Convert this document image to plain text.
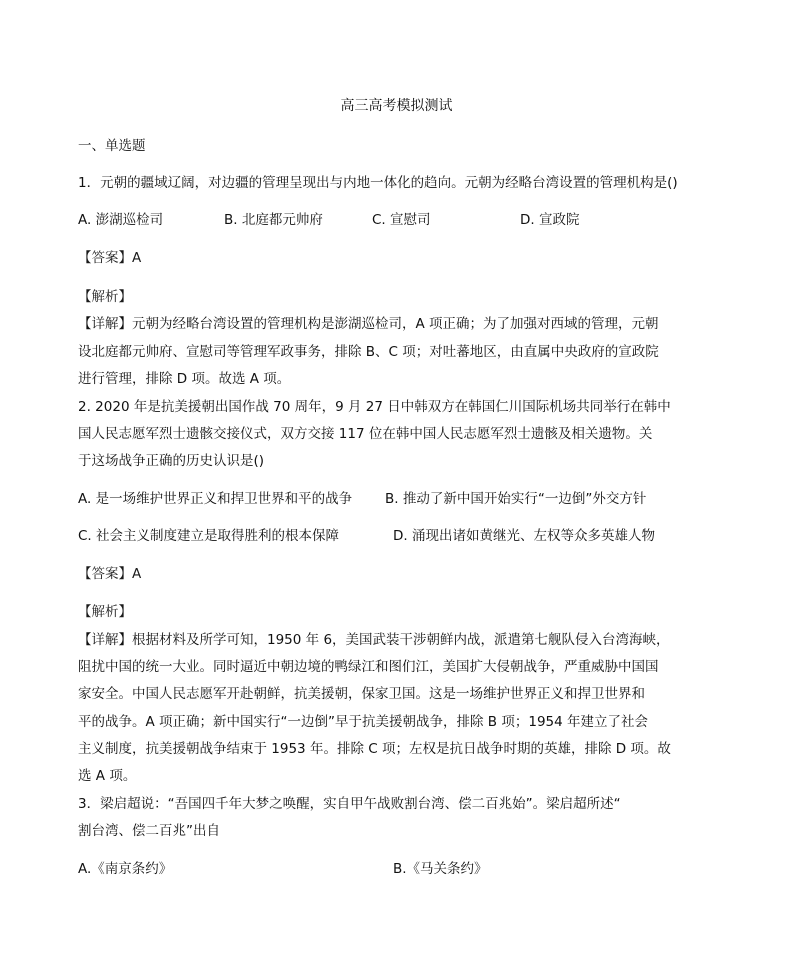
高三高考模拟测试
一、单选题
1．元朝的疆域辽阔，对边疆的管理呈现出与内地一体化的趋向。元朝为经略台湾设置的管理机构是()
A. 澎湖巡检司	B. 北庭都元帅府	C. 宣慰司	D. 宣政院
【答案】A
【解析】
【详解】元朝为经略台湾设置的管理机构是澎湖巡检司，A 项正确；为了加强对西域的管理，元朝
设北庭都元帅府、宣慰司等管理军政事务，排除 B、C 项；对吐蕃地区，由直属中央政府的宣政院
进行管理，排除 D 项。故选 A 项。
2. 2020 年是抗美援朝出国作战 70 周年，9 月 27 日中韩双方在韩国仁川国际机场共同举行在韩中
国人民志愿军烈士遗骸交接仪式，双方交接 117 位在韩中国人民志愿军烈士遗骸及相关遗物。关
于这场战争正确的历史认识是()
A. 是一场维护世界正义和捍卫世界和平的战争 B. 推动了新中国开始实行“一边倒”外交方针
C. 社会主义制度建立是取得胜利的根本保障	D. 涌现出诸如黄继光、左权等众多英雄人物
【答案】A
【解析】
【详解】根据材料及所学可知，1950 年 6，美国武装干涉朝鲜内战，派遣第七舰队侵入台湾海峡，
阻扰中国的统一大业。同时逼近中朝边境的鸭绿江和图们江，美国扩大侵朝战争，严重威胁中国国
家安全。中国人民志愿军开赴朝鲜，抗美援朝，保家卫国。这是一场维护世界正义和捍卫世界和
平的战争。A 项正确；新中国实行“一边倒”早于抗美援朝战争，排除 B 项；1954 年建立了社会
主义制度，抗美援朝战争结束于 1953 年。排除 C 项；左权是抗日战争时期的英雄，排除 D 项。故
选 A 项。
3．梁启超说：“吾国四千年大梦之唤醒，实自甲午战败割台湾、偿二百兆始”。梁启超所述“
割台湾、偿二百兆”出自
A.《南京条约》	B.《马关条约》
